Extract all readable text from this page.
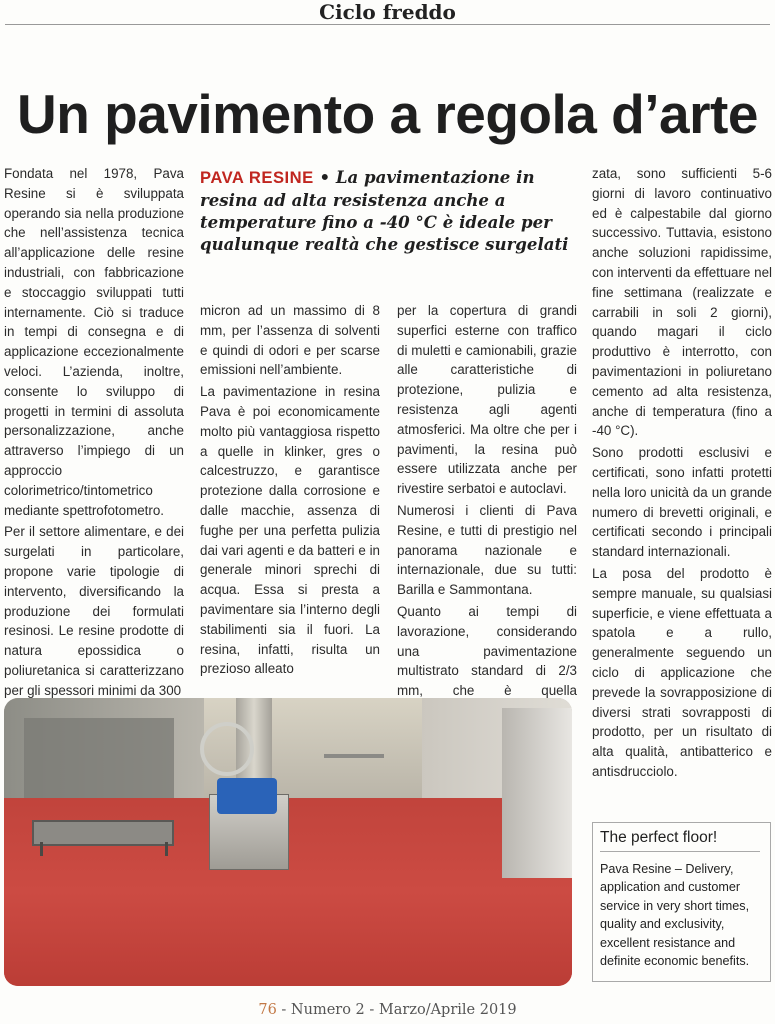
Ciclo freddo
Un pavimento a regola d’arte

Fondata nel 1978, Pava Resine si è sviluppata operando sia nella produzione che nell’assistenza tecnica all’applicazione delle resine industriali, con fabbricazione e stoccaggio sviluppati tutti internamente. Ciò si traduce in tempi di consegna e di applicazione eccezionalmente veloci. L’azienda, inoltre, consente lo sviluppo di progetti in termini di assoluta personalizzazione, anche attraverso l’impiego di un approccio colorimetrico/tintometrico mediante spettrofotometro.

Per il settore alimentare, e dei surgelati in particolare, propone varie tipologie di intervento, diversificando la produzione dei formulati resinosi. Le resine prodotte di natura epossidica o poliuretanica si caratterizzano per gli spessori minimi da 300

PAVA RESINE • La pavimentazione in resina ad alta resistenza anche a temperature fino a -40 °C è ideale per qualunque realtà che gestisce surgelati

micron ad un massimo di 8 mm, per l’assenza di solventi e quindi di odori e per scarse emissioni nell’ambiente.

La pavimentazione in resina Pava è poi economicamente molto più vantaggiosa rispetto a quelle in klinker, gres o calcestruzzo, e garantisce protezione dalla corrosione e dalle macchie, assenza di fughe per una perfetta pulizia dai vari agenti e da batteri e in generale minori sprechi di acqua. Essa si presta a pavimentare sia l’interno degli stabilimenti sia il fuori. La resina, infatti, risulta un prezioso alleato

per la copertura di grandi superfici esterne con traffico di muletti e camionabili, grazie alle caratteristiche di protezione, pulizia e resistenza agli agenti atmosferici. Ma oltre che per i pavimenti, la resina può essere utilizzata anche per rivestire serbatoi e autoclavi.

Numerosi i clienti di Pava Resine, e tutti di prestigio nel panorama nazionale e internazionale, due su tutti: Barilla e Sammontana.

Quanto ai tempi di lavorazione, considerando una pavimentazione multistrato standard di 2/3 mm, che è quella

zata, sono sufficienti 5-6 giorni di lavoro continuativo ed è calpestabile dal giorno successivo. Tuttavia, esistono anche soluzioni rapidissime, con interventi da effettuare nel fine settimana (realizzate e carrabili in soli 2 giorni), quando magari il ciclo produttivo è interrotto, con pavimentazioni in poliuretano cemento ad alta resistenza, anche di temperatura (fino a -40 °C).

Sono prodotti esclusivi e certificati, sono infatti protetti nella loro unicità da un grande numero di brevetti originali, e certificati secondo i principali standard internazionali.

La posa del prodotto è sempre manuale, su qualsiasi superficie, e viene effettuata a spatola e a rullo, generalmente seguendo un ciclo di applicazione che prevede la sovrapposizione di diversi strati sovrapposti di prodotto, per un risultato di alta qualità, antibatterico e antisdrucciolo.

The perfect floor!
Pava Resine – Delivery, application and customer service in very short times, quality and exclusivity, excellent resistance and definite economic benefits.
76 - Numero 2 - Marzo/Aprile 2019
